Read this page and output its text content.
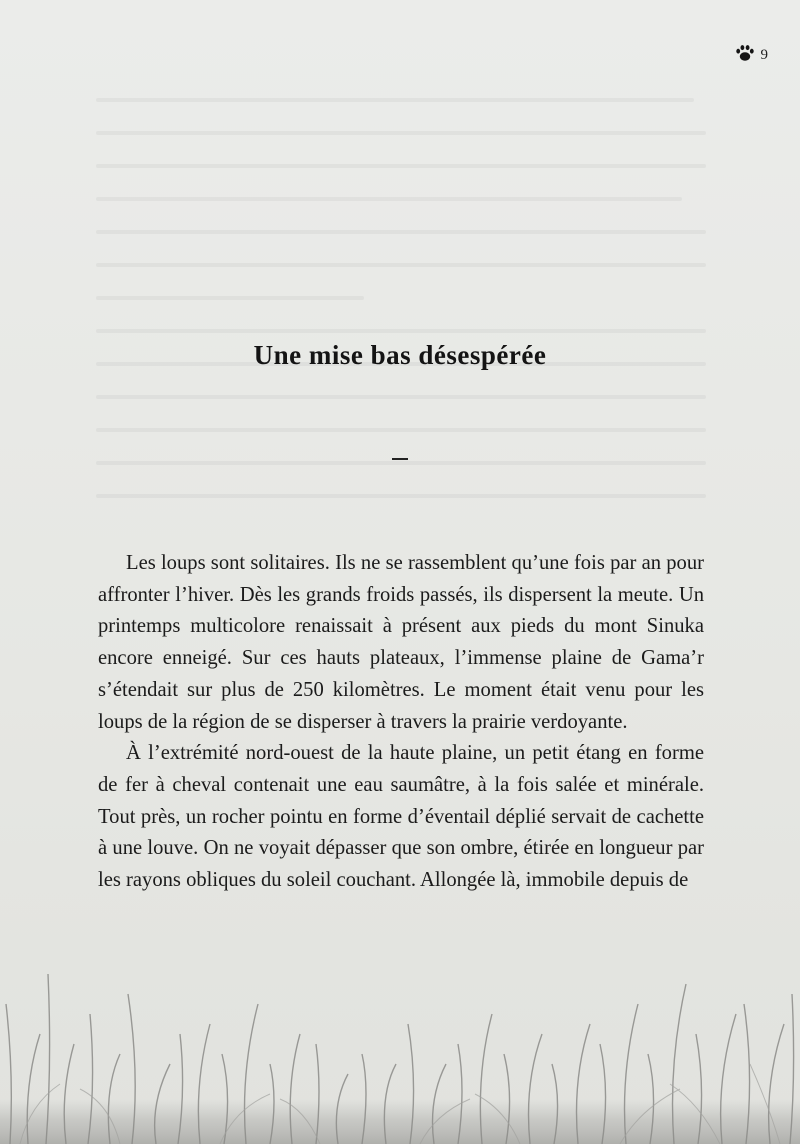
9
Une mise bas désespérée

Les loups sont solitaires. Ils ne se rassemblent qu’une fois par an pour affronter l’hiver. Dès les grands froids passés, ils dispersent la meute. Un printemps multicolore renaissait à présent aux pieds du mont Sinuka encore enneigé. Sur ces hauts plateaux, l’immense plaine de Gama’r s’étendait sur plus de 250 kilomètres. Le moment était venu pour les loups de la région de se disperser à travers la prairie verdoyante.

À l’extrémité nord-ouest de la haute plaine, un petit étang en forme de fer à cheval contenait une eau saumâtre, à la fois salée et minérale. Tout près, un rocher pointu en forme d’éventail déplié servait de cachette à une louve. On ne voyait dépasser que son ombre, étirée en longueur par les rayons obliques du soleil couchant. Allongée là, immobile depuis de
